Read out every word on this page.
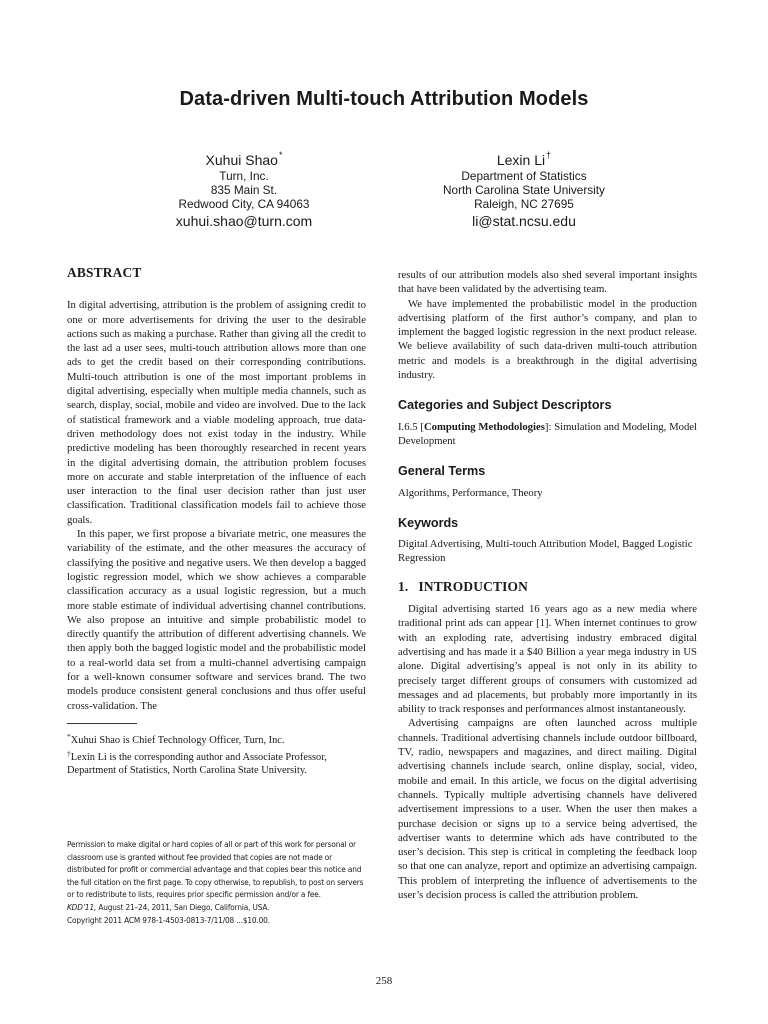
Data-driven Multi-touch Attribution Models
Xuhui Shao*
Turn, Inc.
835 Main St.
Redwood City, CA 94063
xuhui.shao@turn.com
Lexin Li†
Department of Statistics
North Carolina State University
Raleigh, NC 27695
li@stat.ncsu.edu
ABSTRACT

In digital advertising, attribution is the problem of assigning credit to one or more advertisements for driving the user to the desirable actions such as making a purchase. Rather than giving all the credit to the last ad a user sees, multi-touch attribution allows more than one ads to get the credit based on their corresponding contributions. Multi-touch attribution is one of the most important problems in digital advertising, especially when multiple media channels, such as search, display, social, mobile and video are involved. Due to the lack of statistical framework and a viable modeling approach, true data-driven methodology does not exist today in the industry. While predictive modeling has been thoroughly researched in recent years in the digital advertising domain, the attribution problem focuses more on accurate and stable interpretation of the influence of each user interaction to the final user decision rather than just user classification. Traditional classification models fail to achieve those goals.

In this paper, we first propose a bivariate metric, one measures the variability of the estimate, and the other measures the accuracy of classifying the positive and negative users. We then develop a bagged logistic regression model, which we show achieves a comparable classification accuracy as a usual logistic regression, but a much more stable estimate of individual advertising channel contributions. We also propose an intuitive and simple probabilistic model to directly quantify the attribution of different advertising channels. We then apply both the bagged logistic model and the probabilistic model to a real-world data set from a multi-channel advertising campaign for a well-known consumer software and services brand. The two models produce consistent general conclusions and thus offer useful cross-validation. The

*Xuhui Shao is Chief Technology Officer, Turn, Inc.

†Lexin Li is the corresponding author and Associate Professor, Department of Statistics, North Carolina State University.

Permission to make digital or hard copies of all or part of this work for personal or classroom use is granted without fee provided that copies are not made or distributed for profit or commercial advantage and that copies bear this notice and the full citation on the first page. To copy otherwise, to republish, to post on servers or to redistribute to lists, requires prior specific permission and/or a fee.

KDD’11, August 21–24, 2011, San Diego, California, USA.

Copyright 2011 ACM 978-1-4503-0813-7/11/08 ...$10.00.

results of our attribution models also shed several important insights that have been validated by the advertising team.

We have implemented the probabilistic model in the production advertising platform of the first author’s company, and plan to implement the bagged logistic regression in the next product release. We believe availability of such data-driven multi-touch attribution metric and models is a breakthrough in the digital advertising industry.

Categories and Subject Descriptors

I.6.5 [Computing Methodologies]: Simulation and Modeling, Model Development

General Terms

Algorithms, Performance, Theory

Keywords

Digital Advertising, Multi-touch Attribution Model, Bagged Logistic Regression

1. INTRODUCTION

Digital advertising started 16 years ago as a new media where traditional print ads can appear [1]. When internet continues to grow with an exploding rate, advertising industry embraced digital advertising and has made it a $40 Billion a year mega industry in US alone. Digital advertising’s appeal is not only in its ability to precisely target different groups of consumers with customized ad messages and ad placements, but probably more importantly in its ability to track responses and performances almost instantaneously.

Advertising campaigns are often launched across multiple channels. Traditional advertising channels include outdoor billboard, TV, radio, newspapers and magazines, and direct mailing. Digital advertising channels include search, online display, social, video, mobile and email. In this article, we focus on the digital advertising channels. Typically multiple advertising channels have delivered advertisement impressions to a user. When the user then makes a purchase decision or signs up to a service being advertised, the advertiser wants to determine which ads have contributed to the user’s decision. This step is critical in completing the feedback loop so that one can analyze, report and optimize an advertising campaign. This problem of interpreting the influence of advertisements to the user’s decision process is called the attribution problem.

258
